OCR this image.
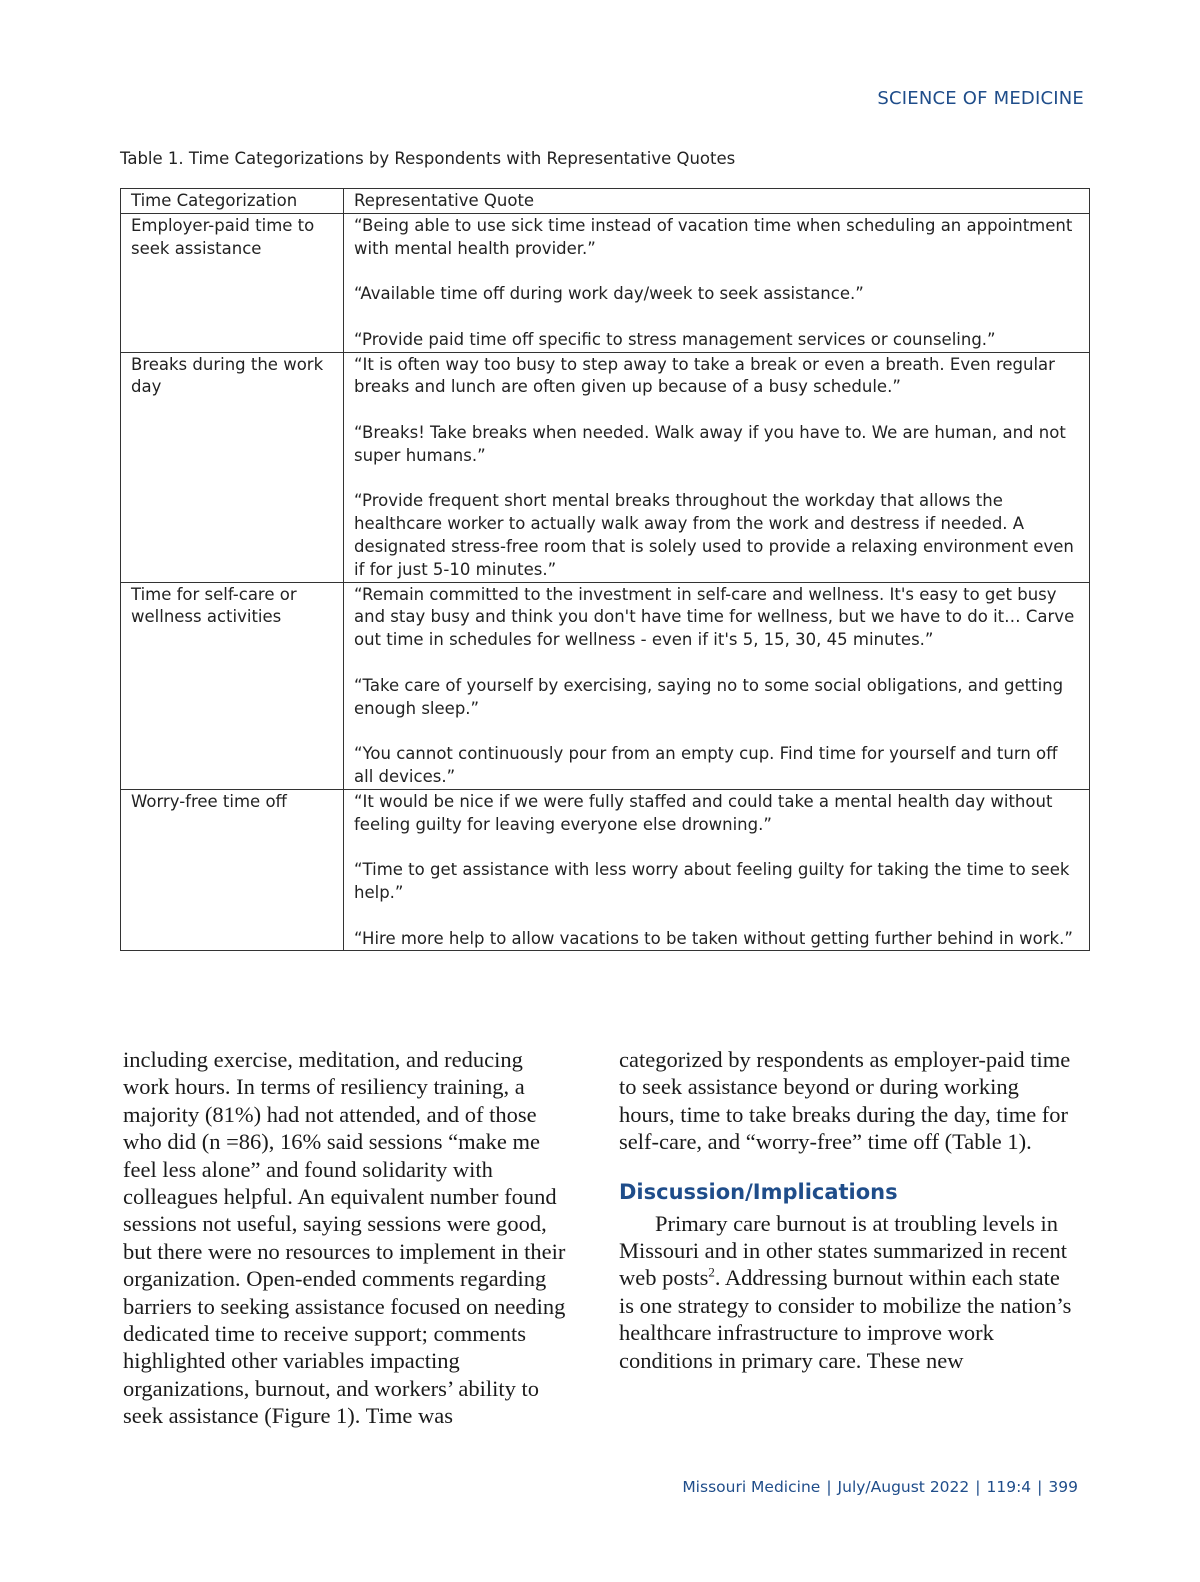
SCIENCE OF MEDICINE
Table 1. Time Categorizations by Respondents with Representative Quotes
Time Categorization	Representative Quote
Employer-paid time to seek assistance	“Being able to use sick time instead of vacation time when scheduling an appointment with mental health provider.”

“Available time off during work day/week to seek assistance.”

“Provide paid time off specific to stress management services or counseling.”

Breaks during the work day	“It is often way too busy to step away to take a break or even a breath. Even regular breaks and lunch are often given up because of a busy schedule.”

“Breaks! Take breaks when needed. Walk away if you have to. We are human, and not super humans.”

“Provide frequent short mental breaks throughout the workday that allows the healthcare worker to actually walk away from the work and destress if needed. A designated stress-free room that is solely used to provide a relaxing environment even if for just 5-10 minutes.”

Time for self-care or wellness activities	“Remain committed to the investment in self-care and wellness. It's easy to get busy and stay busy and think you don't have time for wellness, but we have to do it… Carve out time in schedules for wellness - even if it's 5, 15, 30, 45 minutes.”

“Take care of yourself by exercising, saying no to some social obligations, and getting enough sleep.”

“You cannot continuously pour from an empty cup. Find time for yourself and turn off all devices.”

Worry-free time off	“It would be nice if we were fully staffed and could take a mental health day without feeling guilty for leaving everyone else drowning.”

“Time to get assistance with less worry about feeling guilty for taking the time to seek help.”

“Hire more help to allow vacations to be taken without getting further behind in work.”

including exercise, meditation, and reducing work hours. In terms of resiliency training, a majority (81%) had not attended, and of those who did (n =86), 16% said sessions “make me feel less alone” and found solidarity with colleagues helpful. An equivalent number found sessions not useful, saying sessions were good, but there were no resources to implement in their organization. Open-ended comments regarding barriers to seeking assistance focused on needing dedicated time to receive support; comments highlighted other variables impacting organizations, burnout, and workers’ ability to seek assistance (Figure 1). Time was

categorized by respondents as employer-paid time to seek assistance beyond or during working hours, time to take breaks during the day, time for self-care, and “worry-free” time off (Table 1).

Discussion/Implications

Primary care burnout is at troubling levels in Missouri and in other states summarized in recent web posts$^2$. Addressing burnout within each state is one strategy to consider to mobilize the nation’s healthcare infrastructure to improve work conditions in primary care. These new

Missouri Medicine | July/August 2022 | 119:4 | 399
